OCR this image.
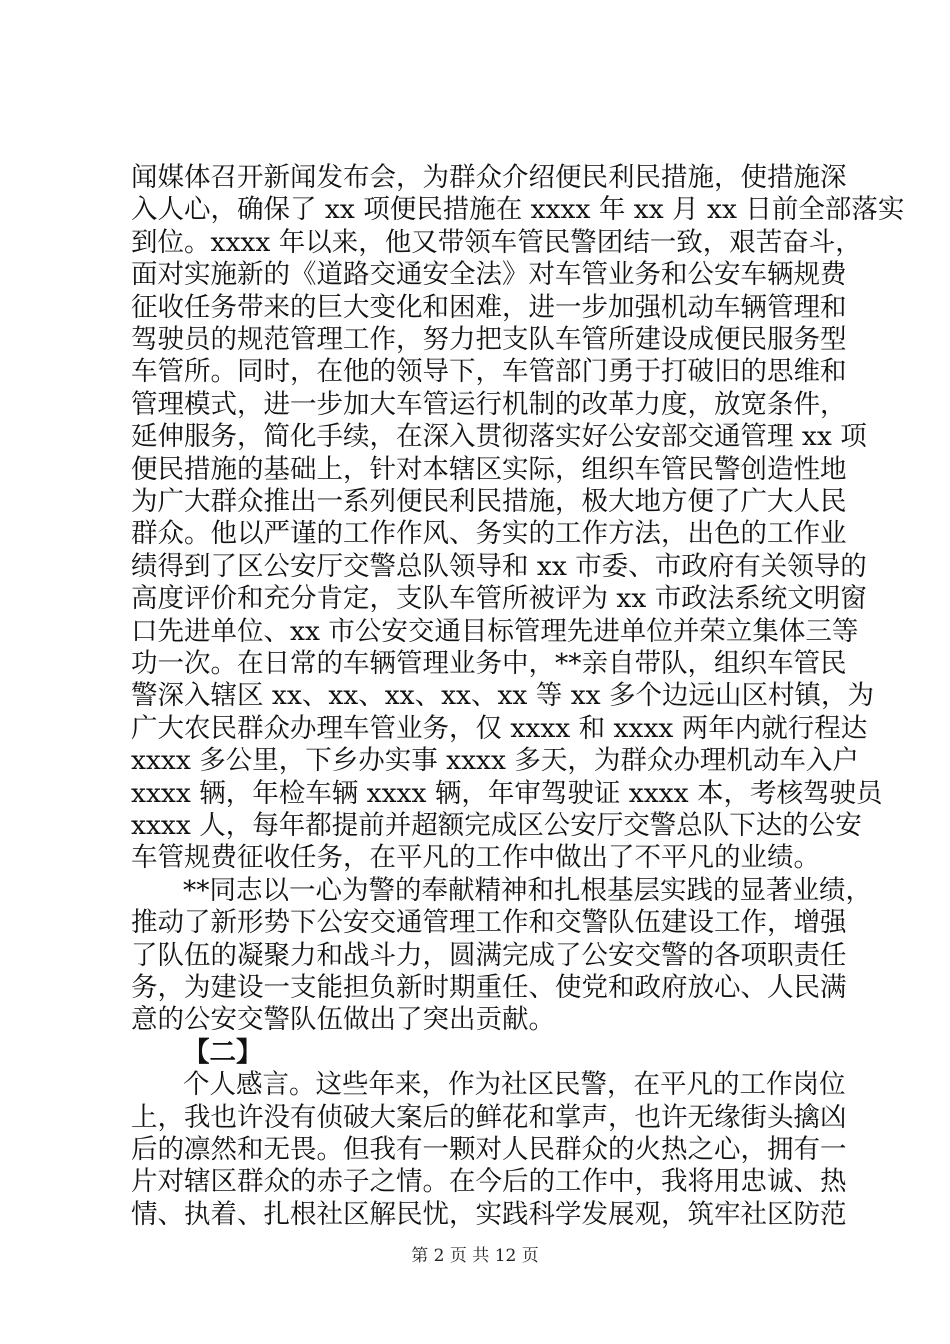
闻媒体召开新闻发布会，为群众介绍便民利民措施，使措施深
入人心，确保了 xx 项便民措施在 xxxx 年 xx 月 xx 日前全部落实
到位。xxxx 年以来，他又带领车管民警团结一致，艰苦奋斗，
面对实施新的《道路交通安全法》对车管业务和公安车辆规费
征收任务带来的巨大变化和困难，进一步加强机动车辆管理和
驾驶员的规范管理工作，努力把支队车管所建设成便民服务型
车管所。同时，在他的领导下，车管部门勇于打破旧的思维和
管理模式，进一步加大车管运行机制的改革力度，放宽条件，
延伸服务，简化手续，在深入贯彻落实好公安部交通管理 xx 项
便民措施的基础上，针对本辖区实际，组织车管民警创造性地
为广大群众推出一系列便民利民措施，极大地方便了广大人民
群众。他以严谨的工作作风、务实的工作方法，出色的工作业
绩得到了区公安厅交警总队领导和 xx 市委、市政府有关领导的
高度评价和充分肯定，支队车管所被评为 xx 市政法系统文明窗
口先进单位、xx 市公安交通目标管理先进单位并荣立集体三等
功一次。在日常的车辆管理业务中，**亲自带队，组织车管民
警深入辖区 xx、xx、xx、xx、xx 等 xx 多个边远山区村镇，为
广大农民群众办理车管业务，仅 xxxx 和 xxxx 两年内就行程达
xxxx 多公里，下乡办实事 xxxx 多天，为群众办理机动车入户
xxxx 辆，年检车辆 xxxx 辆，年审驾驶证 xxxx 本，考核驾驶员
xxxx 人，每年都提前并超额完成区公安厅交警总队下达的公安
车管规费征收任务，在平凡的工作中做出了不平凡的业绩。
**同志以一心为警的奉献精神和扎根基层实践的显著业绩，
推动了新形势下公安交通管理工作和交警队伍建设工作，增强
了队伍的凝聚力和战斗力，圆满完成了公安交警的各项职责任
务，为建设一支能担负新时期重任、使党和政府放心、人民满
意的公安交警队伍做出了突出贡献。
【二】
个人感言。这些年来，作为社区民警，在平凡的工作岗位
上，我也许没有侦破大案后的鲜花和掌声，也许无缘街头擒凶
后的凛然和无畏。但我有一颗对人民群众的火热之心，拥有一
片对辖区群众的赤子之情。在今后的工作中，我将用忠诚、热
情、执着、扎根社区解民忧，实践科学发展观，筑牢社区防范
第 2 页 共 12 页
